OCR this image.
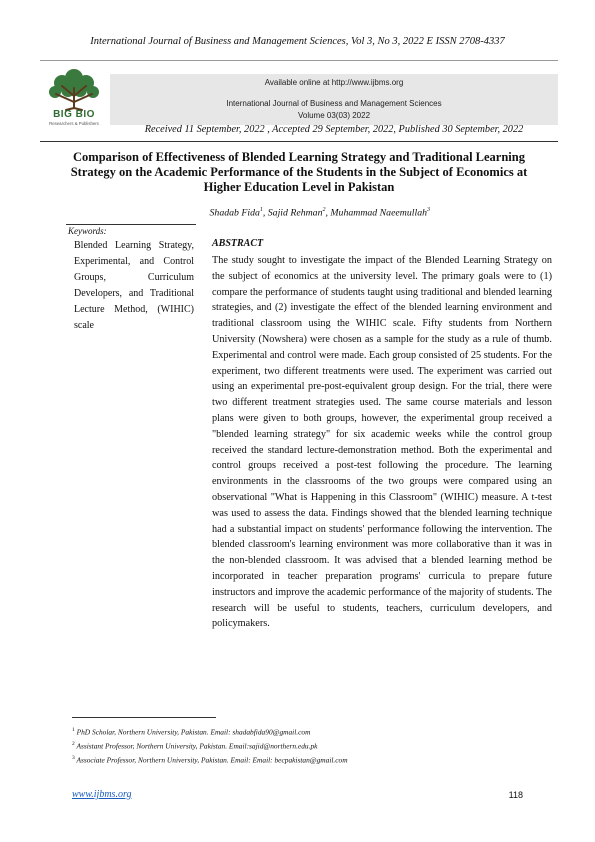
International Journal of Business and Management Sciences, Vol 3, No 3, 2022 E ISSN 2708-4337
BIG BIO
Researchers & Publishers
Available online at http://www.ijbms.org
International Journal of Business and Management Sciences
Volume 03(03) 2022
Received 11 September, 2022 , Accepted 29 September, 2022, Published 30 September, 2022
Comparison of Effectiveness of Blended Learning Strategy and Traditional Learning Strategy on the Academic Performance of the Students in the Subject of Economics at Higher Education Level in Pakistan
Shadab Fida$^1$, Sajid Rehman$^2$, Muhammad Naeemullah$^3$
Keywords:
Blended Learning Strategy, Experimental, and Control Groups, Curriculum Developers, and Traditional Lecture Method, (WIHIC) scale
ABSTRACT

The study sought to investigate the impact of the Blended Learning Strategy on the subject of economics at the university level. The primary goals were to (1) compare the performance of students taught using traditional and blended learning strategies, and (2) investigate the effect of the blended learning environment and traditional classroom using the WIHIC scale. Fifty students from Northern University (Nowshera) were chosen as a sample for the study as a rule of thumb. Experimental and control were made. Each group consisted of 25 students. For the experiment, two different treatments were used. The experiment was carried out using an experimental pre-post-equivalent group design. For the trial, there were two different treatment strategies used. The same course materials and lesson plans were given to both groups, however, the experimental group received a "blended learning strategy" for six academic weeks while the control group received the standard lecture-demonstration method. Both the experimental and control groups received a post-test following the procedure. The learning environments in the classrooms of the two groups were compared using an observational "What is Happening in this Classroom" (WIHIC) measure. A t-test was used to assess the data. Findings showed that the blended learning technique had a substantial impact on students' performance following the intervention. The blended classroom's learning environment was more collaborative than it was in the non-blended classroom. It was advised that a blended learning method be incorporated in teacher preparation programs' curricula to prepare future instructors and improve the academic performance of the majority of students. The research will be useful to students, teachers, curriculum developers, and policymakers.

$^1$ PhD Scholar, Northern University, Pakistan. Email: shadabfida90@gmail.com
$^2$ Assistant Professor, Northern University, Pakistan. Email:sajid@northern.edu.pk
$^3$ Associate Professor, Northern University, Pakistan. Email: Email: becpakistan@gmail.com
www.ijbms.org	118
